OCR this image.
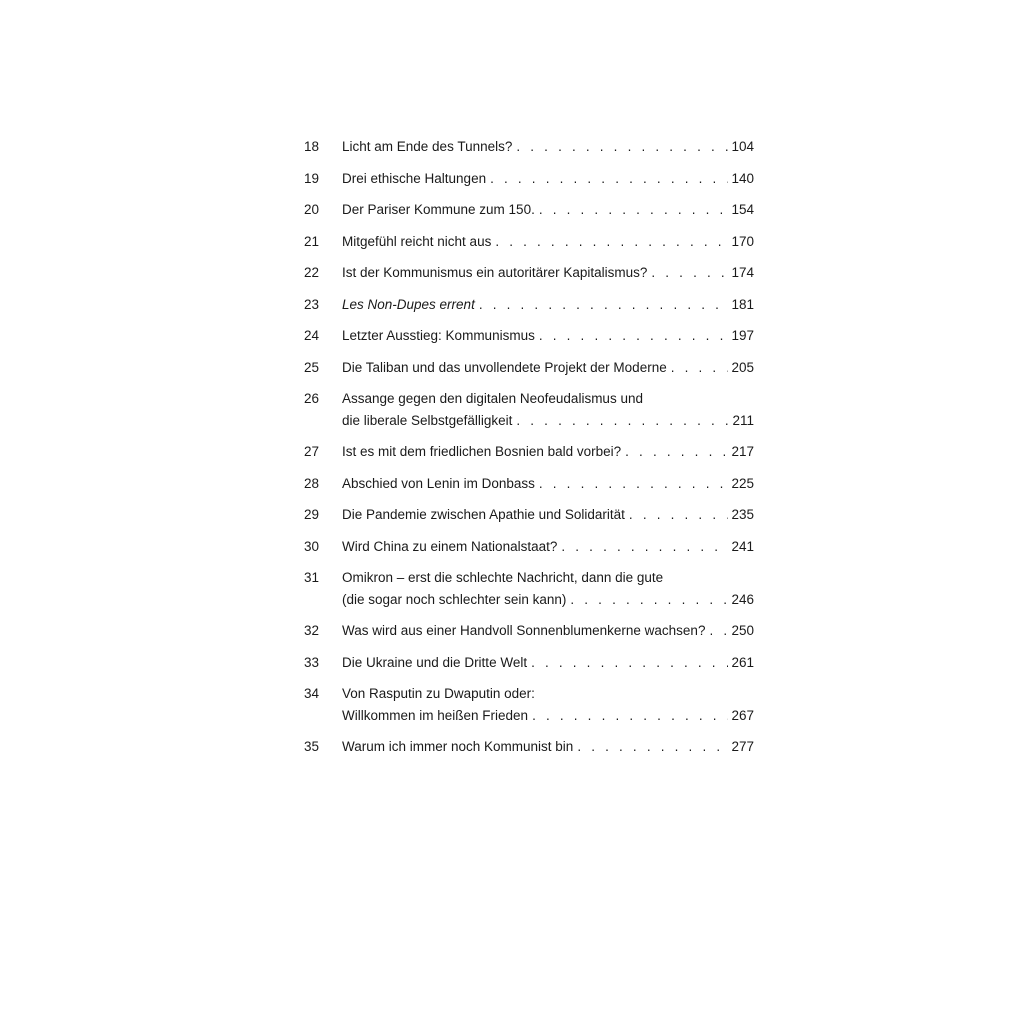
18	Licht am Ende des Tunnels? . . .	104
19	Drei ethische Haltungen . . .	140
20	Der Pariser Kommune zum 150. . . .	154
21	Mitgefühl reicht nicht aus . . .	170
22	Ist der Kommunismus ein autoritärer Kapitalismus? . . .	174
23	Les Non-Dupes errent . . .	181
24	Letzter Ausstieg: Kommunismus . . .	197
25	Die Taliban und das unvollendete Projekt der Moderne . . .	205
26	Assange gegen den digitalen Neofeudalismus und
die liberale Selbstgefälligkeit . . .	211
27	Ist es mit dem friedlichen Bosnien bald vorbei? . . .	217
28	Abschied von Lenin im Donbass . . .	225
29	Die Pandemie zwischen Apathie und Solidarität . . .	235
30	Wird China zu einem Nationalstaat? . . .	241
31	Omikron – erst die schlechte Nachricht, dann die gute
(die sogar noch schlechter sein kann) . . .	246
32	Was wird aus einer Handvoll Sonnenblumenkerne wachsen? . . . 250
33	Die Ukraine und die Dritte Welt . . .	261
34	Von Rasputin zu Dwaputin oder:
Willkommen im heißen Frieden . . .	267
35	Warum ich immer noch Kommunist bin . . .	277
